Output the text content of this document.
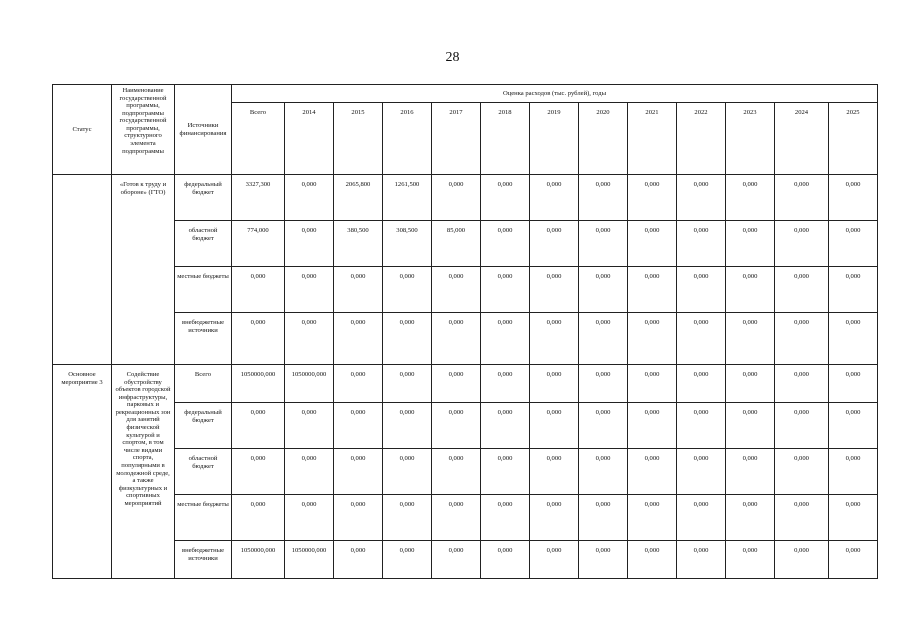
28
Статус	Наименование государственной программы, подпрограммы государственной программы, структурного элемента подпрограммы	Источники финансирования	Оценка расходов (тыс. рублей), годы												
			Всего	2014	2015	2016	2017	2018	2019	2020	2021	2022	2023	2024	2025
	«Готов к труду и обороне» (ГТО)	федеральный бюджет	3327,300	0,000	2065,800	1261,500	0,000	0,000	0,000	0,000	0,000	0,000	0,000	0,000	0,000
		областной бюджет	774,000	0,000	380,500	308,500	85,000	0,000	0,000	0,000	0,000	0,000	0,000	0,000	0,000
		местные бюджеты	0,000	0,000	0,000	0,000	0,000	0,000	0,000	0,000	0,000	0,000	0,000	0,000	0,000
		внебюджетные источники	0,000	0,000	0,000	0,000	0,000	0,000	0,000	0,000	0,000	0,000	0,000	0,000	0,000
Основное мероприятие 3	Содействие обустройству объектов городской инфраструктуры, парковых и рекреационных зон для занятий физической культурой и спортом, в том числе видами спорта, популярными в молодежной среде, а также физкультурных и спортивных мероприятий	Всего	1050000,000	1050000,000	0,000	0,000	0,000	0,000	0,000	0,000	0,000	0,000	0,000	0,000	0,000
		федеральный бюджет	0,000	0,000	0,000	0,000	0,000	0,000	0,000	0,000	0,000	0,000	0,000	0,000	0,000
		областной бюджет	0,000	0,000	0,000	0,000	0,000	0,000	0,000	0,000	0,000	0,000	0,000	0,000	0,000
		местные бюджеты	0,000	0,000	0,000	0,000	0,000	0,000	0,000	0,000	0,000	0,000	0,000	0,000	0,000
		внебюджетные источники	1050000,000	1050000,000	0,000	0,000	0,000	0,000	0,000	0,000	0,000	0,000	0,000	0,000	0,000
